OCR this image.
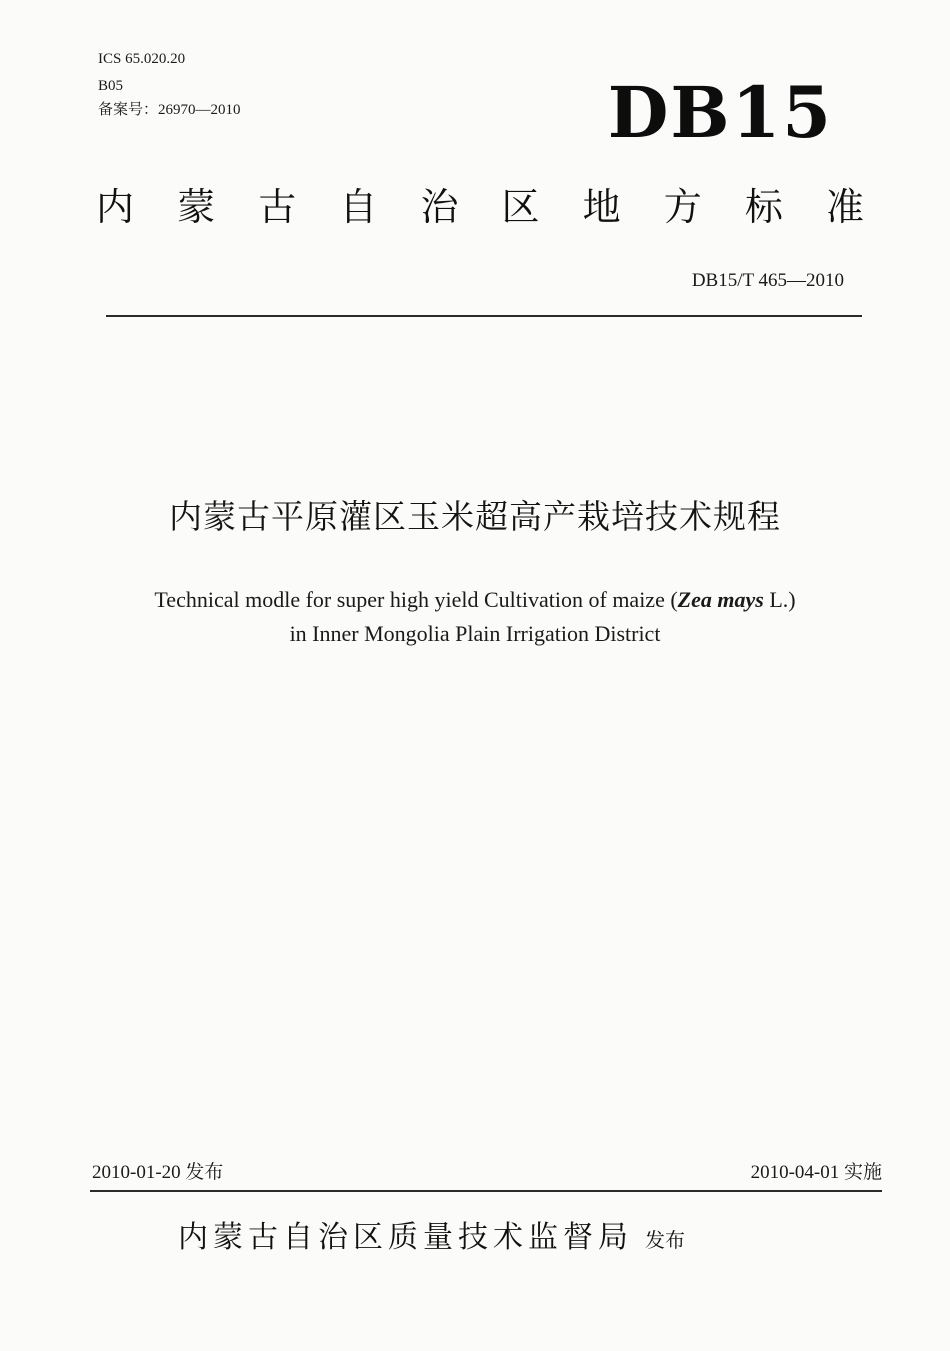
ICS 65.020.20
B05
备案号：26970—2010	DB15
内 蒙 古 自 治 区 地 方 标 准
DB15/T 465—2010
内蒙古平原灌区玉米超高产栽培技术规程
Technical modle for super high yield Cultivation of maize (Zea mays L.)
in Inner Mongolia Plain Irrigation District
2010-01-20 发布	2010-04-01 实施
内蒙古自治区质量技术监督局 发布
